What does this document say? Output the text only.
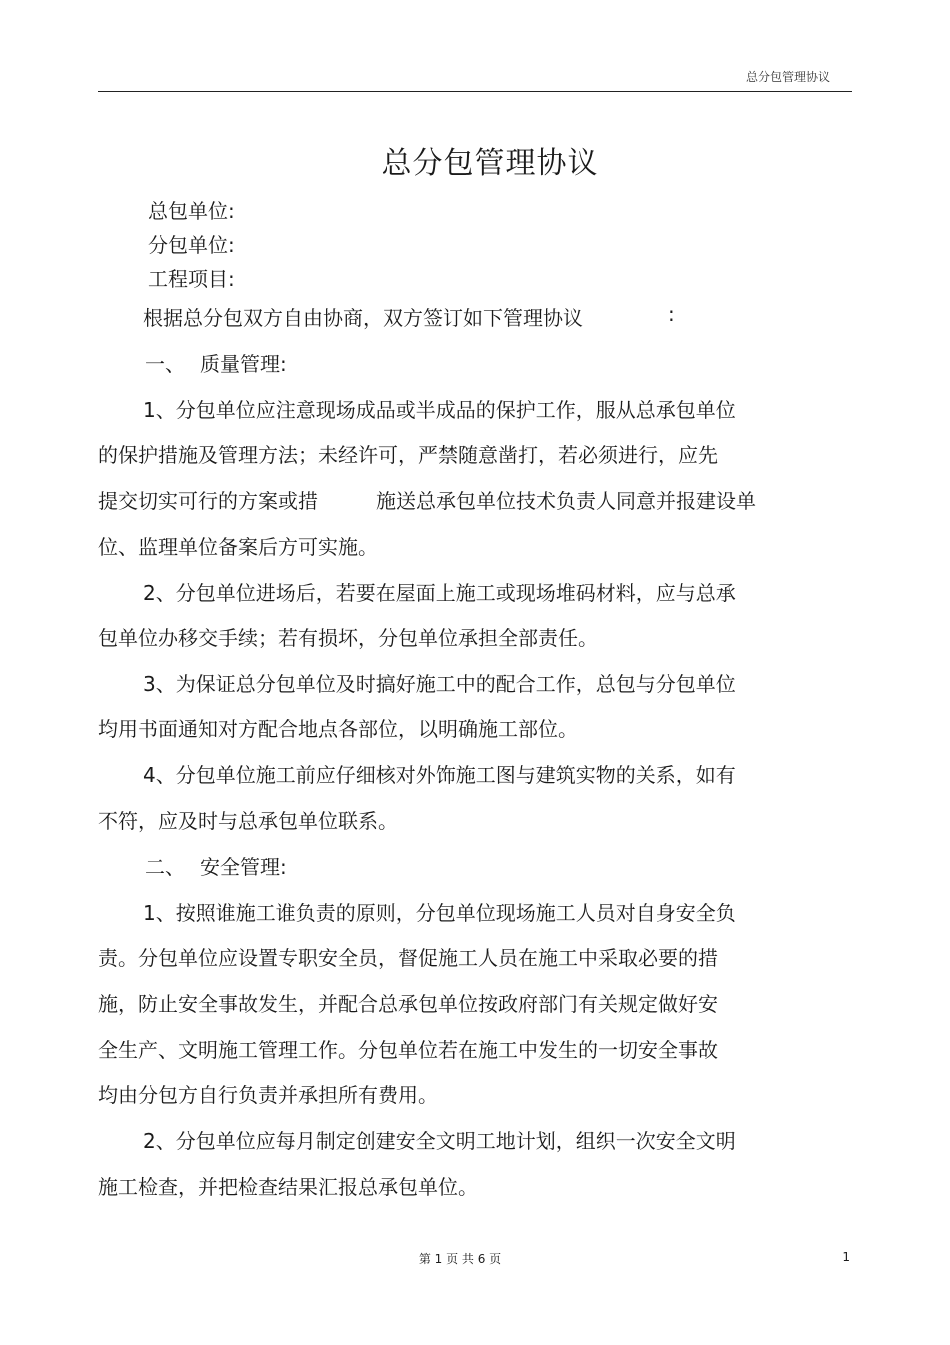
总分包管理协议
总分包管理协议
总包单位:
分包单位:
工程项目:
根据总分包双方自由协商，双方签订如下管理协议	:
一、 质量管理:
1、分包单位应注意现场成品或半成品的保护工作，服从总承包单位
的保护措施及管理方法；未经许可，严禁随意凿打，若必须进行，应先
提交切实可行的方案或措	施送总承包单位技术负责人同意并报建设单
位、监理单位备案后方可实施。
2、分包单位进场后，若要在屋面上施工或现场堆码材料，应与总承
包单位办移交手续；若有损坏，分包单位承担全部责任。
3、为保证总分包单位及时搞好施工中的配合工作，总包与分包单位
均用书面通知对方配合地点各部位，以明确施工部位。
4、分包单位施工前应仔细核对外饰施工图与建筑实物的关系，如有
不符，应及时与总承包单位联系。
二、 安全管理:
1、按照谁施工谁负责的原则，分包单位现场施工人员对自身安全负
责。分包单位应设置专职安全员，督促施工人员在施工中采取必要的措
施，防止安全事故发生，并配合总承包单位按政府部门有关规定做好安
全生产、文明施工管理工作。分包单位若在施工中发生的一切安全事故
均由分包方自行负责并承担所有费用。
2、分包单位应每月制定创建安全文明工地计划，组织一次安全文明
施工检查，并把检查结果汇报总承包单位。
第 1 页 共 6 页	1
